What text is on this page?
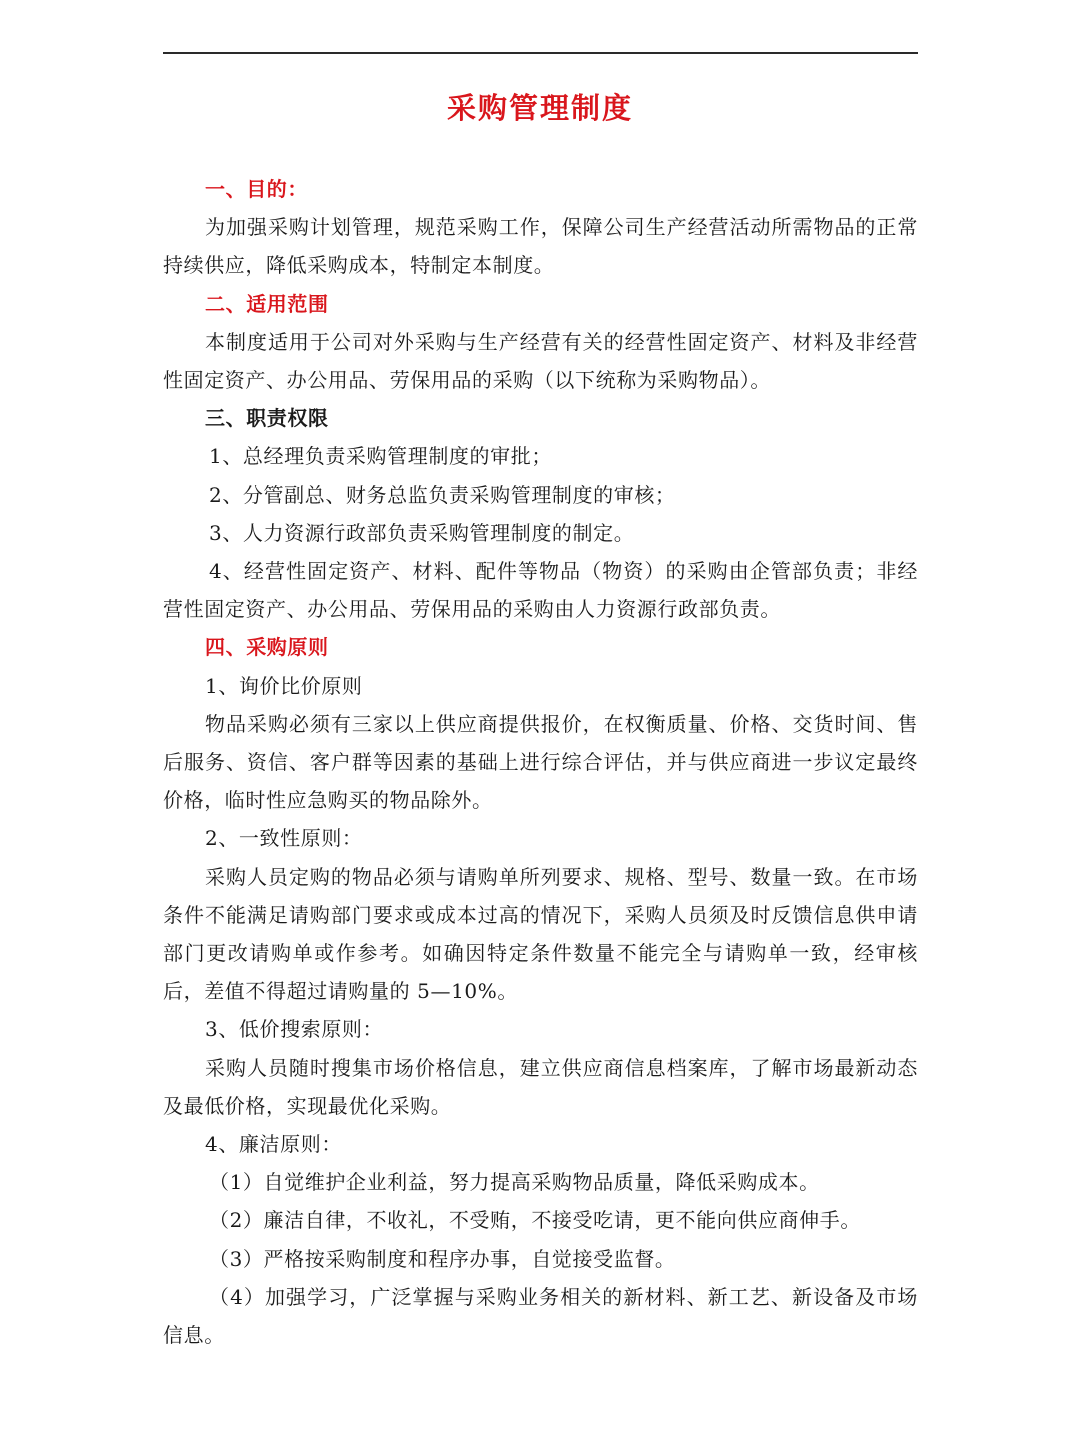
采购管理制度

一、目的：

为加强采购计划管理，规范采购工作，保障公司生产经营活动所需物品的正常持续供应，降低采购成本，特制定本制度。

二、适用范围

本制度适用于公司对外采购与生产经营有关的经营性固定资产、材料及非经营性固定资产、办公用品、劳保用品的采购（以下统称为采购物品）。

三、职责权限

1、总经理负责采购管理制度的审批；

2、分管副总、财务总监负责采购管理制度的审核；

3、人力资源行政部负责采购管理制度的制定。

4、经营性固定资产、材料、配件等物品（物资）的采购由企管部负责；非经营性固定资产、办公用品、劳保用品的采购由人力资源行政部负责。

四、采购原则

1、询价比价原则

物品采购必须有三家以上供应商提供报价，在权衡质量、价格、交货时间、售后服务、资信、客户群等因素的基础上进行综合评估，并与供应商进一步议定最终价格，临时性应急购买的物品除外。

2、一致性原则：

采购人员定购的物品必须与请购单所列要求、规格、型号、数量一致。在市场条件不能满足请购部门要求或成本过高的情况下，采购人员须及时反馈信息供申请部门更改请购单或作参考。如确因特定条件数量不能完全与请购单一致，经审核后，差值不得超过请购量的 5—10%。

3、低价搜索原则：

采购人员随时搜集市场价格信息，建立供应商信息档案库，了解市场最新动态及最低价格，实现最优化采购。

4、廉洁原则：

（1）自觉维护企业利益，努力提高采购物品质量，降低采购成本。

（2）廉洁自律，不收礼，不受贿，不接受吃请，更不能向供应商伸手。

（3）严格按采购制度和程序办事，自觉接受监督。

（4）加强学习，广泛掌握与采购业务相关的新材料、新工艺、新设备及市场信息。
